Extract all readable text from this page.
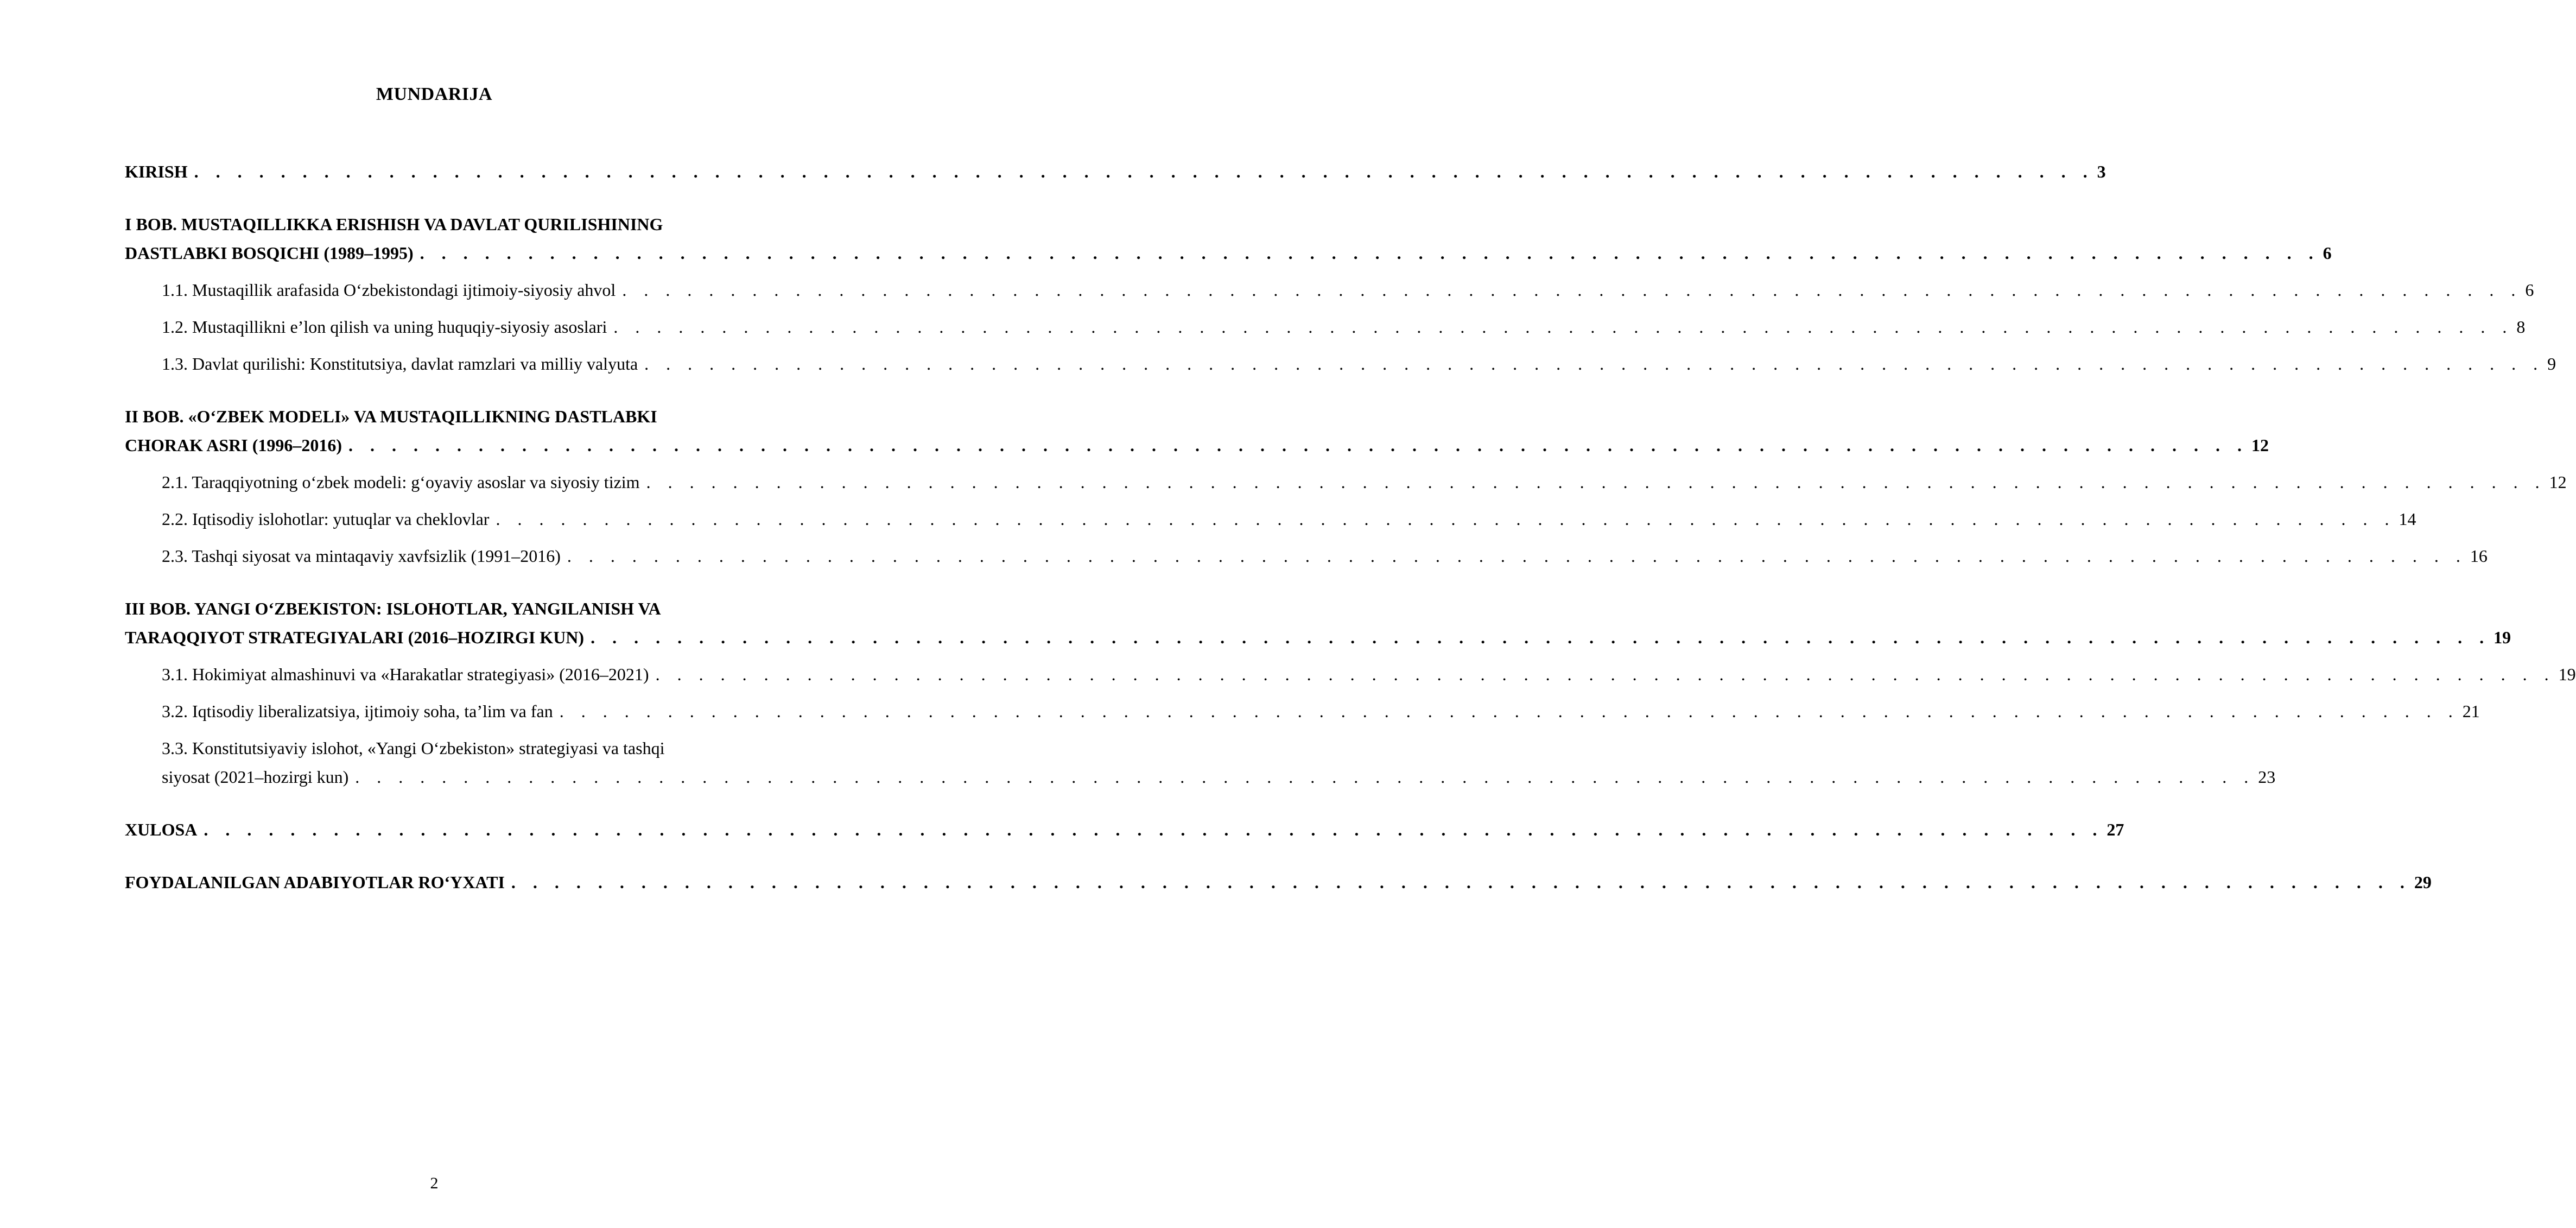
MUNDARIJA
KIRISH . . . . . . . . . . . . . . . . . . . . . . . . . . . . . . . . . . . . . . . . . . . . . . . . . . . . . . . . . . . . . . . . . . . . . . . . . . . . . . . . . . . . . . . . 3
I BOB. MUSTAQILLIKKA ERISHISH VA DAVLAT QURILISHINING
DASTLABKI BOSQICHI (1989–1995) . . . . . . . . . . . . . . . . . . . . . . . . . . . . . . . . . . . . . . . . . . . . . . . . . . . . . . . . . . . . . . . . . . . . . . . . . . . . . . . . . . . . . . . . 6
1.1. Mustaqillik arafasida O‘zbekistondagi ijtimoiy-siyosiy ahvol . . . . . . . . . . . . . . . . . . . . . . . . . . . . . . . . . . . . . . . . . . . . . . . . . . . . . . . . . . . . . . . . . . . . . . . . . . . . . . . . . . . . . . . . 6
1.2. Mustaqillikni e’lon qilish va uning huquqiy-siyosiy asoslari . . . . . . . . . . . . . . . . . . . . . . . . . . . . . . . . . . . . . . . . . . . . . . . . . . . . . . . . . . . . . . . . . . . . . . . . . . . . . . . . . . . . . . . . 8
1.3. Davlat qurilishi: Konstitutsiya, davlat ramzlari va milliy valyuta . . . . . . . . . . . . . . . . . . . . . . . . . . . . . . . . . . . . . . . . . . . . . . . . . . . . . . . . . . . . . . . . . . . . . . . . . . . . . . . . . . . . . . . . 9
II BOB. «O‘ZBEK MODELI» VA MUSTAQILLIKNING DASTLABKI
CHORAK ASRI (1996–2016) . . . . . . . . . . . . . . . . . . . . . . . . . . . . . . . . . . . . . . . . . . . . . . . . . . . . . . . . . . . . . . . . . . . . . . . . . . . . . . . . . . . . . . . . 12
2.1. Taraqqiyotning o‘zbek modeli: g‘oyaviy asoslar va siyosiy tizim . . . . . . . . . . . . . . . . . . . . . . . . . . . . . . . . . . . . . . . . . . . . . . . . . . . . . . . . . . . . . . . . . . . . . . . . . . . . . . . . . . . . . . . . 12
2.2. Iqtisodiy islohotlar: yutuqlar va cheklovlar . . . . . . . . . . . . . . . . . . . . . . . . . . . . . . . . . . . . . . . . . . . . . . . . . . . . . . . . . . . . . . . . . . . . . . . . . . . . . . . . . . . . . . . . 14
2.3. Tashqi siyosat va mintaqaviy xavfsizlik (1991–2016) . . . . . . . . . . . . . . . . . . . . . . . . . . . . . . . . . . . . . . . . . . . . . . . . . . . . . . . . . . . . . . . . . . . . . . . . . . . . . . . . . . . . . . . . 16
III BOB. YANGI O‘ZBEKISTON: ISLOHOTLAR, YANGILANISH VA
TARAQQIYOT STRATEGIYALARI (2016–HOZIRGI KUN) . . . . . . . . . . . . . . . . . . . . . . . . . . . . . . . . . . . . . . . . . . . . . . . . . . . . . . . . . . . . . . . . . . . . . . . . . . . . . . . . . . . . . . . . 19
3.1. Hokimiyat almashinuvi va «Harakatlar strategiyasi» (2016–2021) . . . . . . . . . . . . . . . . . . . . . . . . . . . . . . . . . . . . . . . . . . . . . . . . . . . . . . . . . . . . . . . . . . . . . . . . . . . . . . . . . . . . . . . . 19
3.2. Iqtisodiy liberalizatsiya, ijtimoiy soha, ta’lim va fan . . . . . . . . . . . . . . . . . . . . . . . . . . . . . . . . . . . . . . . . . . . . . . . . . . . . . . . . . . . . . . . . . . . . . . . . . . . . . . . . . . . . . . . . 21
3.3. Konstitutsiyaviy islohot, «Yangi O‘zbekiston» strategiyasi va tashqi
siyosat (2021–hozirgi kun) . . . . . . . . . . . . . . . . . . . . . . . . . . . . . . . . . . . . . . . . . . . . . . . . . . . . . . . . . . . . . . . . . . . . . . . . . . . . . . . . . . . . . . . . 23
XULOSA . . . . . . . . . . . . . . . . . . . . . . . . . . . . . . . . . . . . . . . . . . . . . . . . . . . . . . . . . . . . . . . . . . . . . . . . . . . . . . . . . . . . . . . . 27
FOYDALANILGAN ADABIYOTLAR RO‘YXATI . . . . . . . . . . . . . . . . . . . . . . . . . . . . . . . . . . . . . . . . . . . . . . . . . . . . . . . . . . . . . . . . . . . . . . . . . . . . . . . . . . . . . . . . 29
2
